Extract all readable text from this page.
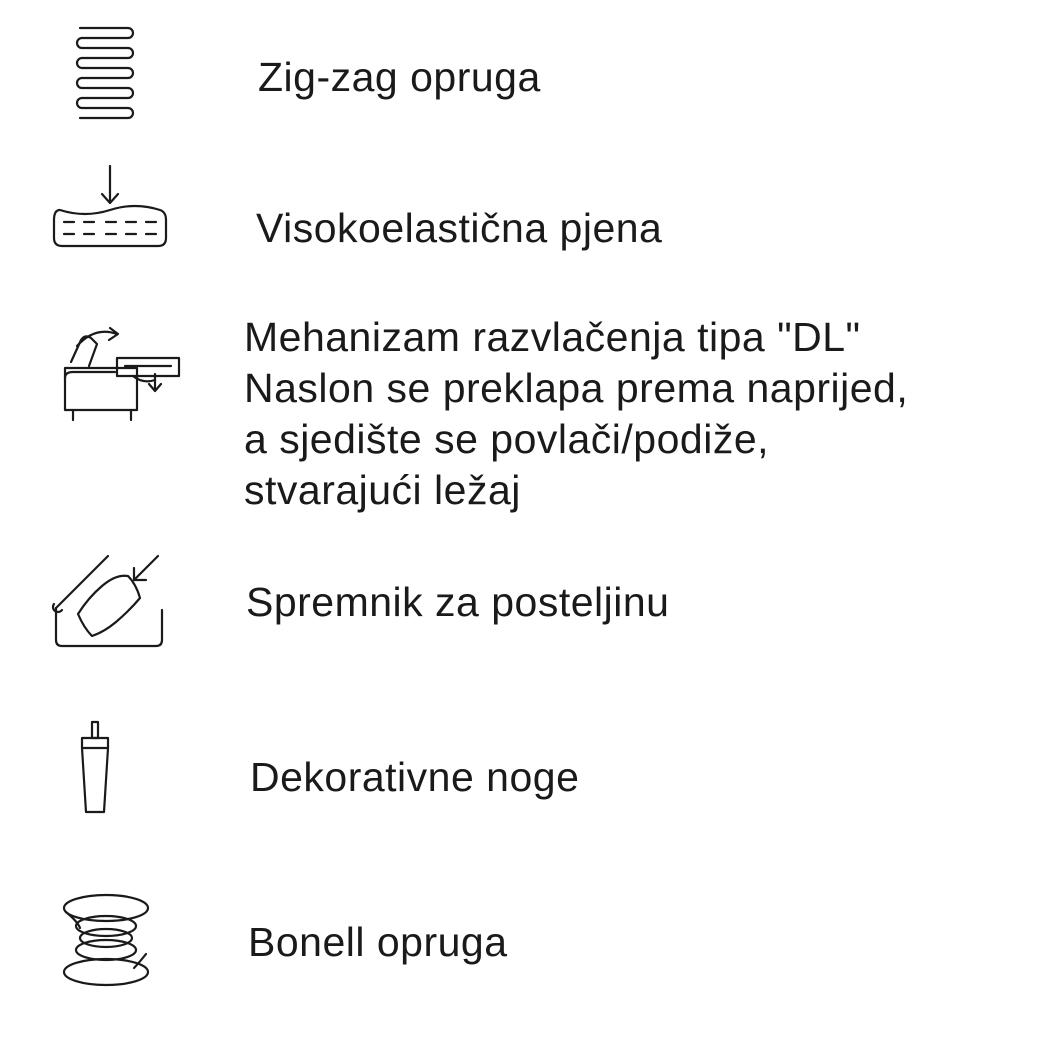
Zig-zag opruga
Visokoelastična pjena
Mehanizam razvlačenja tipa "DL"
Naslon se preklapa prema naprijed,
a sjedište se povlači/podiže,
stvarajući ležaj
Spremnik za posteljinu
Dekorativne noge
Bonell opruga
